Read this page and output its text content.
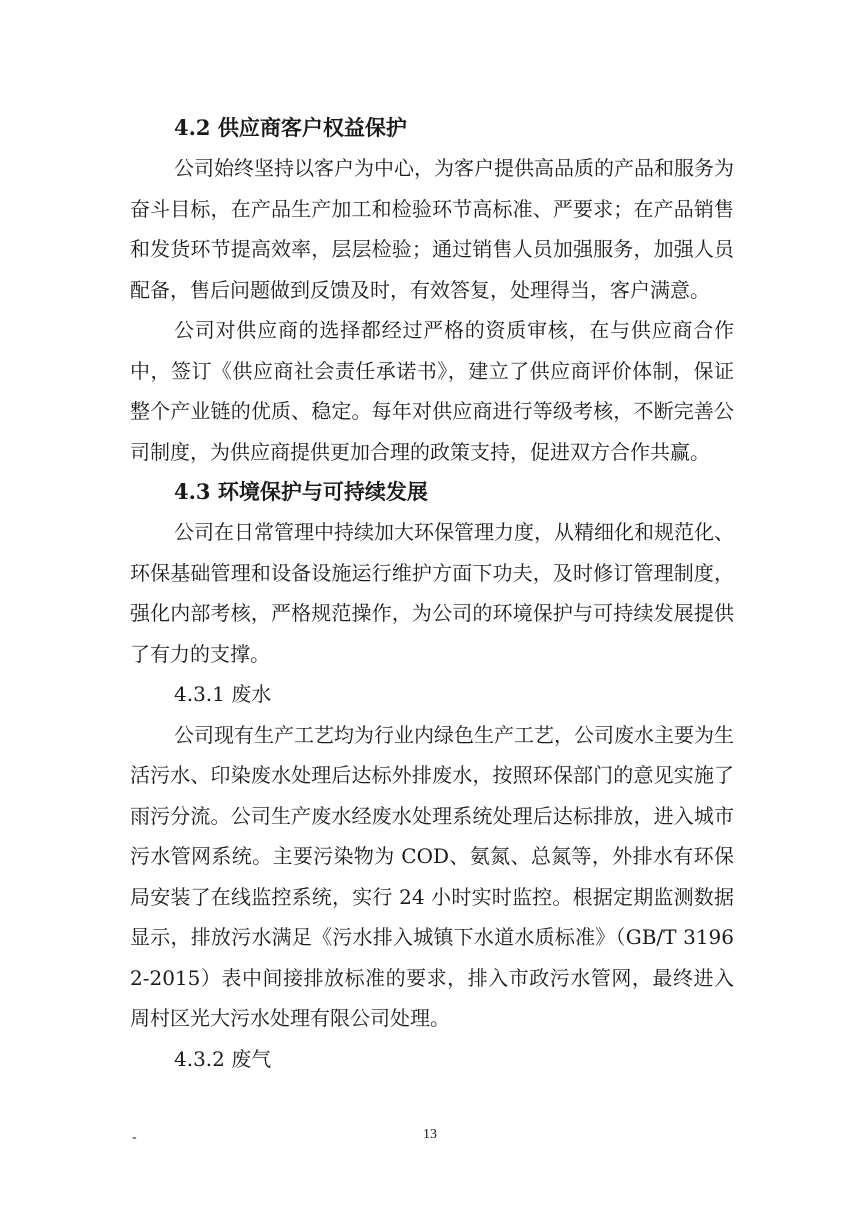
4.2 供应商客户权益保护

公司始终坚持以客户为中心，为客户提供高品质的产品和服务为奋斗目标，在产品生产加工和检验环节高标准、严要求；在产品销售和发货环节提高效率，层层检验；通过销售人员加强服务，加强人员配备，售后问题做到反馈及时，有效答复，处理得当，客户满意。

公司对供应商的选择都经过严格的资质审核，在与供应商合作中，签订《供应商社会责任承诺书》，建立了供应商评价体制，保证整个产业链的优质、稳定。每年对供应商进行等级考核，不断完善公司制度，为供应商提供更加合理的政策支持，促进双方合作共赢。

4.3 环境保护与可持续发展

公司在日常管理中持续加大环保管理力度，从精细化和规范化、环保基础管理和设备设施运行维护方面下功夫，及时修订管理制度，强化内部考核，严格规范操作，为公司的环境保护与可持续发展提供了有力的支撑。

4.3.1 废水

公司现有生产工艺均为行业内绿色生产工艺，公司废水主要为生活污水、印染废水处理后达标外排废水，按照环保部门的意见实施了雨污分流。公司生产废水经废水处理系统处理后达标排放，进入城市污水管网系统。主要污染物为 COD、氨氮、总氮等，外排水有环保局安装了在线监控系统，实行 24 小时实时监控。根据定期监测数据显示，排放污水满足《污水排入城镇下水道水质标准》（GB/T 31962-2015）表中间接排放标准的要求，排入市政污水管网，最终进入周村区光大污水处理有限公司处理。

4.3.2 废气

-	13
